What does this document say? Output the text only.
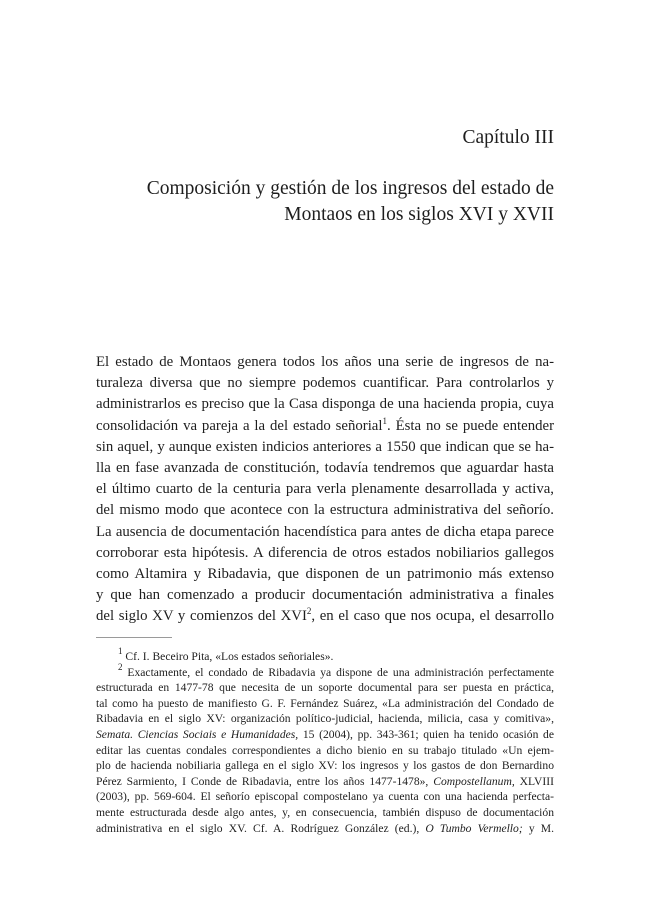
Capítulo III
Composición y gestión de los ingresos del estado de
Montaos en los siglos XVI y XVII
El estado de Montaos genera todos los años una serie de ingresos de na-
turaleza diversa que no siempre podemos cuantificar. Para controlarlos y
administrarlos es preciso que la Casa disponga de una hacienda propia, cuya
consolidación va pareja a la del estado señorial$^1$. Ésta no se puede entender
sin aquel, y aunque existen indicios anteriores a 1550 que indican que se ha-
lla en fase avanzada de constitución, todavía tendremos que aguardar hasta
el último cuarto de la centuria para verla plenamente desarrollada y activa,
del mismo modo que acontece con la estructura administrativa del señorío.
La ausencia de documentación hacendística para antes de dicha etapa parece
corroborar esta hipótesis. A diferencia de otros estados nobiliarios gallegos
como Altamira y Ribadavia, que disponen de un patrimonio más extenso
y que han comenzado a producir documentación administrativa a finales
del siglo XV y comienzos del XVI$^2$, en el caso que nos ocupa, el desarrollo
$^1$ Cf. I. Beceiro Pita, «Los estados señoriales».
$^2$ Exactamente, el condado de Ribadavia ya dispone de una administración perfectamente
estructurada en 1477-78 que necesita de un soporte documental para ser puesta en práctica,
tal como ha puesto de manifiesto G. F. Fernández Suárez, «La administración del Condado de
Ribadavia en el siglo XV: organización político-judicial, hacienda, milicia, casa y comitiva»,
Semata. Ciencias Sociais e Humanidades, 15 (2004), pp. 343-361; quien ha tenido ocasión de
editar las cuentas condales correspondientes a dicho bienio en su trabajo titulado «Un ejem-
plo de hacienda nobiliaria gallega en el siglo XV: los ingresos y los gastos de don Bernardino
Pérez Sarmiento, I Conde de Ribadavia, entre los años 1477-1478», Compostellanum, XLVIII
(2003), pp. 569-604. El señorío episcopal compostelano ya cuenta con una hacienda perfecta-
mente estructurada desde algo antes, y, en consecuencia, también dispuso de documentación
administrativa en el siglo XV. Cf. A. Rodríguez González (ed.), O Tumbo Vermello; y M.
